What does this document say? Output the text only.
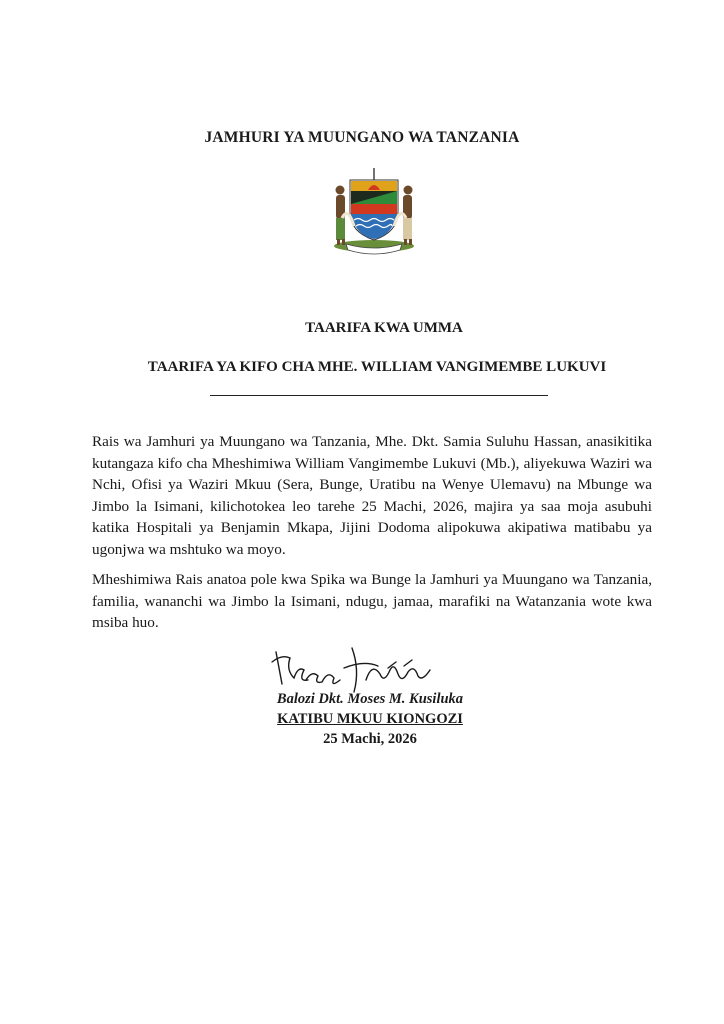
JAMHURI YA MUUNGANO WA TANZANIA
TAARIFA KWA UMMA
TAARIFA YA KIFO CHA MHE. WILLIAM VANGIMEMBE LUKUVI
Rais wa Jamhuri ya Muungano wa Tanzania, Mhe. Dkt. Samia Suluhu Hassan, anasikitika kutangaza kifo cha Mheshimiwa William Vangimembe Lukuvi (Mb.), aliyekuwa Waziri wa Nchi, Ofisi ya Waziri Mkuu (Sera, Bunge, Uratibu na Wenye Ulemavu) na Mbunge wa Jimbo la Isimani, kilichotokea leo tarehe 25 Machi, 2026, majira ya saa moja asubuhi katika Hospitali ya Benjamin Mkapa, Jijini Dodoma alipokuwa akipatiwa matibabu ya ugonjwa wa mshtuko wa moyo.
Mheshimiwa Rais anatoa pole kwa Spika wa Bunge la Jamhuri ya Muungano wa Tanzania, familia, wananchi wa Jimbo la Isimani, ndugu, jamaa, marafiki na Watanzania wote kwa msiba huo.
Balozi Dkt. Moses M. Kusiluka
KATIBU MKUU KIONGOZI
25 Machi, 2026
